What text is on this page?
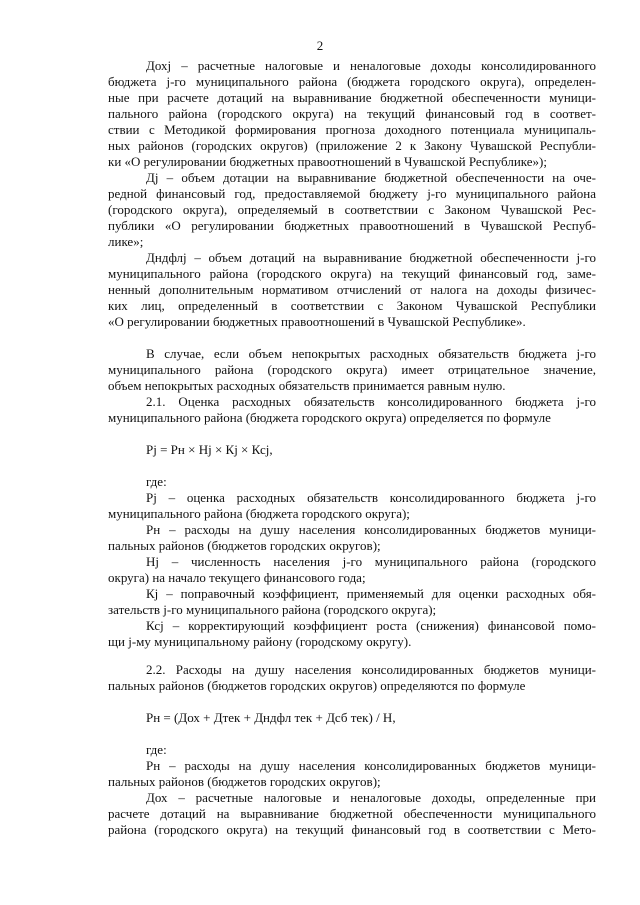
2
Дохj – расчетные налоговые и неналоговые доходы консолидированного
бюджета j-го муниципального района (бюджета городского округа), определен-
ные при расчете дотаций на выравнивание бюджетной обеспеченности муници-
пального района (городского округа) на текущий финансовый год в соответ-
ствии с Методикой формирования прогноза доходного потенциала муниципаль-
ных районов (городских округов) (приложение 2 к Закону Чувашской Республи-
ки «О регулировании бюджетных правоотношений в Чувашской Республике»);
Дj – объем дотации на выравнивание бюджетной обеспеченности на оче-
редной финансовый год, предоставляемой бюджету j-го муниципального района
(городского округа), определяемый в соответствии с Законом Чувашской Рес-
публики «О регулировании бюджетных правоотношений в Чувашской Респуб-
лике»;
Дндфлj – объем дотаций на выравнивание бюджетной обеспеченности j-го
муниципального района (городского округа) на текущий финансовый год, заме-
ненный дополнительным нормативом отчислений от налога на доходы физичес-
ких лиц, определенный в соответствии с Законом Чувашской Республики
«О регулировании бюджетных правоотношений в Чувашской Республике».
В случае, если объем непокрытых расходных обязательств бюджета j-го
муниципального района (городского округа) имеет отрицательное значение,
объем непокрытых расходных обязательств принимается равным нулю.
2.1. Оценка расходных обязательств консолидированного бюджета j-го
муниципального района (бюджета городского округа) определяется по формуле
Рj = Рн × Нj × Кj × Ксj,
где:
Рj – оценка расходных обязательств консолидированного бюджета j-го
муниципального района (бюджета городского округа);
Рн – расходы на душу населения консолидированных бюджетов муници-
пальных районов (бюджетов городских округов);
Нj – численность населения j-го муниципального района (городского
округа) на начало текущего финансового года;
Кj – поправочный коэффициент, применяемый для оценки расходных обя-
зательств j-го муниципального района (городского округа);
Ксj – корректирующий коэффициент роста (снижения) финансовой помо-
щи j-му муниципальному району (городскому округу).
2.2. Расходы на душу населения консолидированных бюджетов муници-
пальных районов (бюджетов городских округов) определяются по формуле
Рн = (Дох + Дтек + Дндфл тек + Дсб тек) / Н,
где:
Рн – расходы на душу населения консолидированных бюджетов муници-
пальных районов (бюджетов городских округов);
Дох – расчетные налоговые и неналоговые доходы, определенные при
расчете дотаций на выравнивание бюджетной обеспеченности муниципального
района (городского округа) на текущий финансовый год в соответствии с Мето-
